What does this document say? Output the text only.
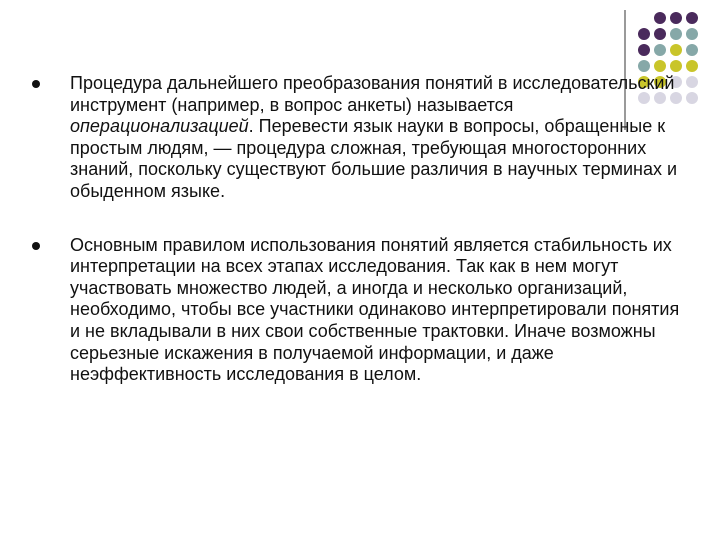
Процедура дальнейшего преобразования понятий в исследовательский инструмент (например, в вопрос анкеты) называется операционализацией. Перевести язык науки в вопросы, обращенные к простым людям, — процедура сложная, требующая многосторонних знаний, поскольку существуют большие различия в научных терминах и обыденном языке.
Основным правилом использования понятий является стабильность их интерпретации на всех этапах исследования. Так как в нем могут участвовать множество людей, а иногда и несколько организаций, необходимо, чтобы все участники одинаково интерпретировали понятия и не вкладывали в них свои собственные трактовки. Иначе возможны серьезные искажения в получаемой информации, и даже неэффективность исследования в целом.
